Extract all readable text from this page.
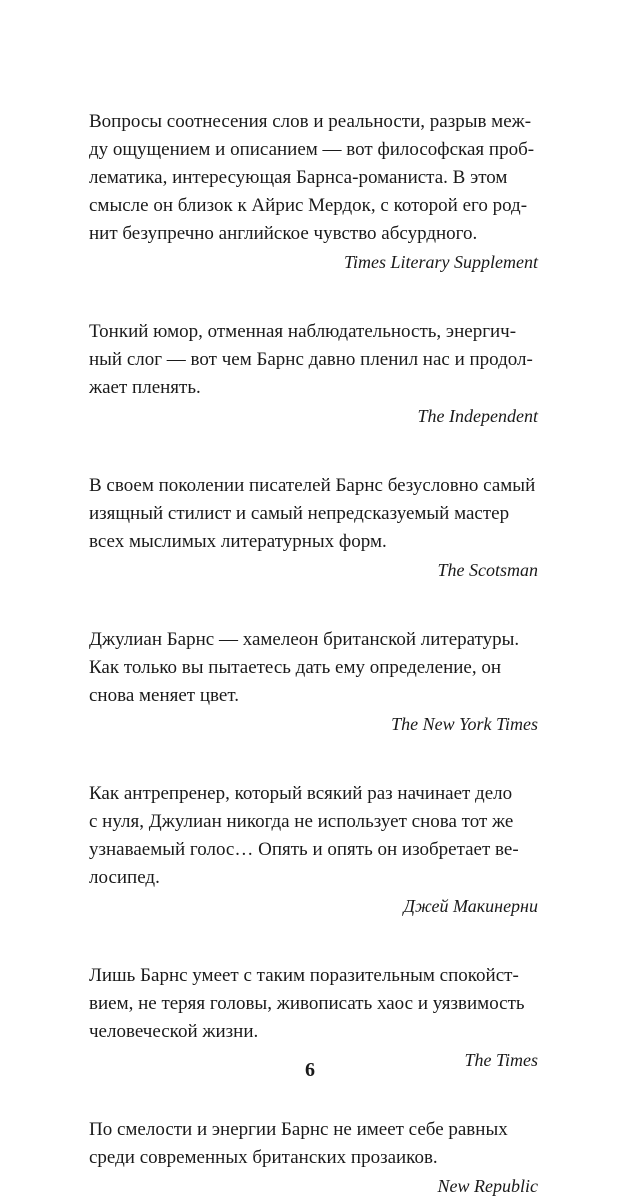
Вопросы соотнесения слов и реальности, разрыв меж-
ду ощущением и описанием — вот философская проб-
лематика, интересующая Барнса-романиста. В этом
смысле он близок к Айрис Мердок, с которой его род-
нит безупречно английское чувство абсурдного.

Times Literary Supplement

Тонкий юмор, отменная наблюдательность, энергич-
ный слог — вот чем Барнс давно пленил нас и продол-
жает пленять.

The Independent

В своем поколении писателей Барнс безусловно самый
изящный стилист и самый непредсказуемый мастер
всех мыслимых литературных форм.

The Scotsman

Джулиан Барнс — хамелеон британской литературы.
Как только вы пытаетесь дать ему определение, он
снова меняет цвет.

The New York Times

Как антрепренер, который всякий раз начинает дело
с нуля, Джулиан никогда не использует снова тот же
узнаваемый голос… Опять и опять он изобретает ве-
лосипед.

Джей Макинерни

Лишь Барнс умеет с таким поразительным спокойст-
вием, не теряя головы, живописать хаос и уязвимость
человеческой жизни.

The Times

По смелости и энергии Барнс не имеет себе равных
среди современных британских прозаиков.

New Republic

6
